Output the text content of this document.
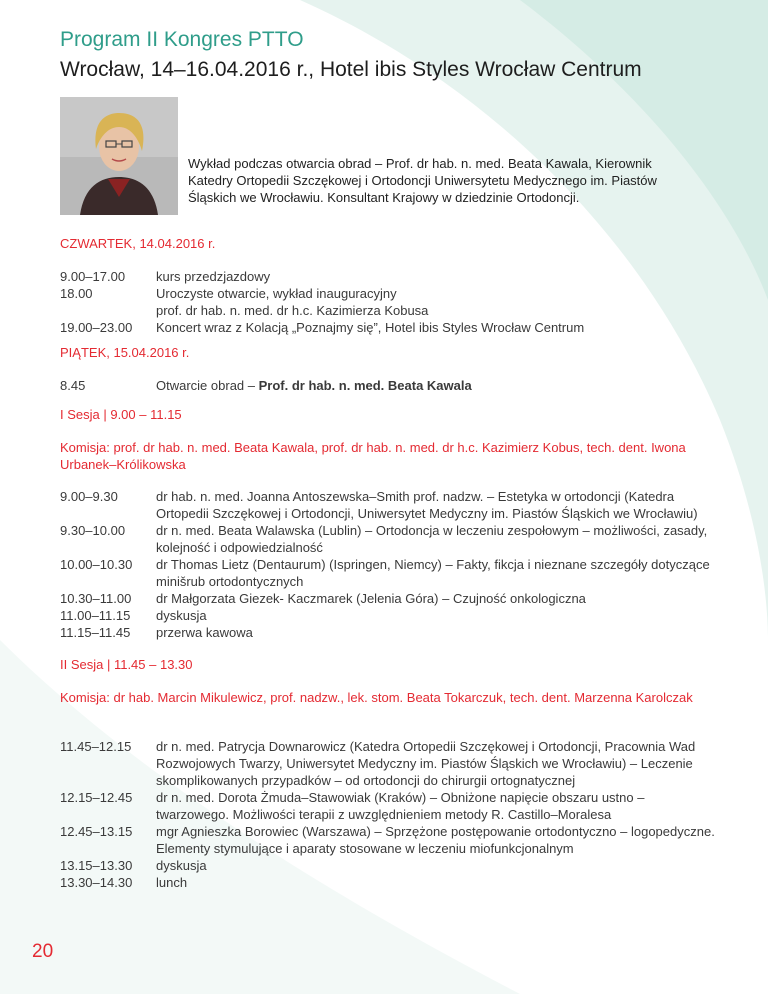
Program II Kongres PTTO
Wrocław, 14–16.04.2016 r., Hotel ibis Styles Wrocław Centrum
Wykład podczas otwarcia obrad – Prof. dr hab. n. med. Beata Kawala, Kierownik Katedry Ortopedii Szczękowej i Ortodoncji Uniwersytetu Medycznego im. Piastów Śląskich we Wrocławiu. Konsultant Krajowy w dziedzinie Ortodoncji.
CZWARTEK, 14.04.2016 r.
9.00–17.00	kurs przedzjazdowy
18.00	Uroczyste otwarcie, wykład inauguracyjny
prof. dr hab. n. med. dr h.c. Kazimierza Kobusa
19.00–23.00	Koncert wraz z Kolacją „Poznajmy się”, Hotel ibis Styles Wrocław Centrum
PIĄTEK, 15.04.2016 r.
8.45	Otwarcie obrad – Prof. dr hab. n. med. Beata Kawala
I Sesja | 9.00 – 11.15
Komisja: prof. dr hab. n. med. Beata Kawala, prof. dr hab. n. med. dr h.c. Kazimierz Kobus, tech. dent. Iwona Urbanek–Królikowska
9.00–9.30	dr hab. n. med. Joanna Antoszewska–Smith prof. nadzw. – Estetyka w ortodoncji (Katedra Ortopedii Szczękowej i Ortodoncji, Uniwersytet Medyczny im. Piastów Śląskich we Wrocławiu)
9.30–10.00	dr n. med. Beata Walawska (Lublin) – Ortodoncja w leczeniu zespołowym – możliwości, zasady, kolejność i odpowiedzialność
10.00–10.30	dr Thomas Lietz (Dentaurum) (Ispringen, Niemcy) – Fakty, fikcja i nieznane szczegóły dotyczące minišrub ortodontycznych
10.30–11.00	dr Małgorzata Giezek- Kaczmarek (Jelenia Góra) – Czujność onkologiczna
11.00–11.15	dyskusja
11.15–11.45	przerwa kawowa
II Sesja | 11.45 – 13.30
Komisja: dr hab. Marcin Mikulewicz, prof. nadzw., lek. stom. Beata Tokarczuk, tech. dent. Marzenna Karolczak
11.45–12.15	dr n. med. Patrycja Downarowicz (Katedra Ortopedii Szczękowej i Ortodoncji, Pracownia Wad Rozwojowych Twarzy, Uniwersytet Medyczny im. Piastów Śląskich we Wrocławiu) – Leczenie skomplikowanych przypadków – od ortodoncji do chirurgii ortognatycznej
12.15–12.45	dr n. med. Dorota Żmuda–Stawowiak (Kraków) – Obniżone napięcie obszaru ustno – twarzowego. Możliwości terapii z uwzględnieniem metody R. Castillo–Moralesa
12.45–13.15	mgr Agnieszka Borowiec (Warszawa) – Sprzężone postępowanie ortodontyczno – logopedyczne. Elementy stymulujące i aparaty stosowane w leczeniu miofunkcjonalnym
13.15–13.30	dyskusja
13.30–14.30	lunch
20
